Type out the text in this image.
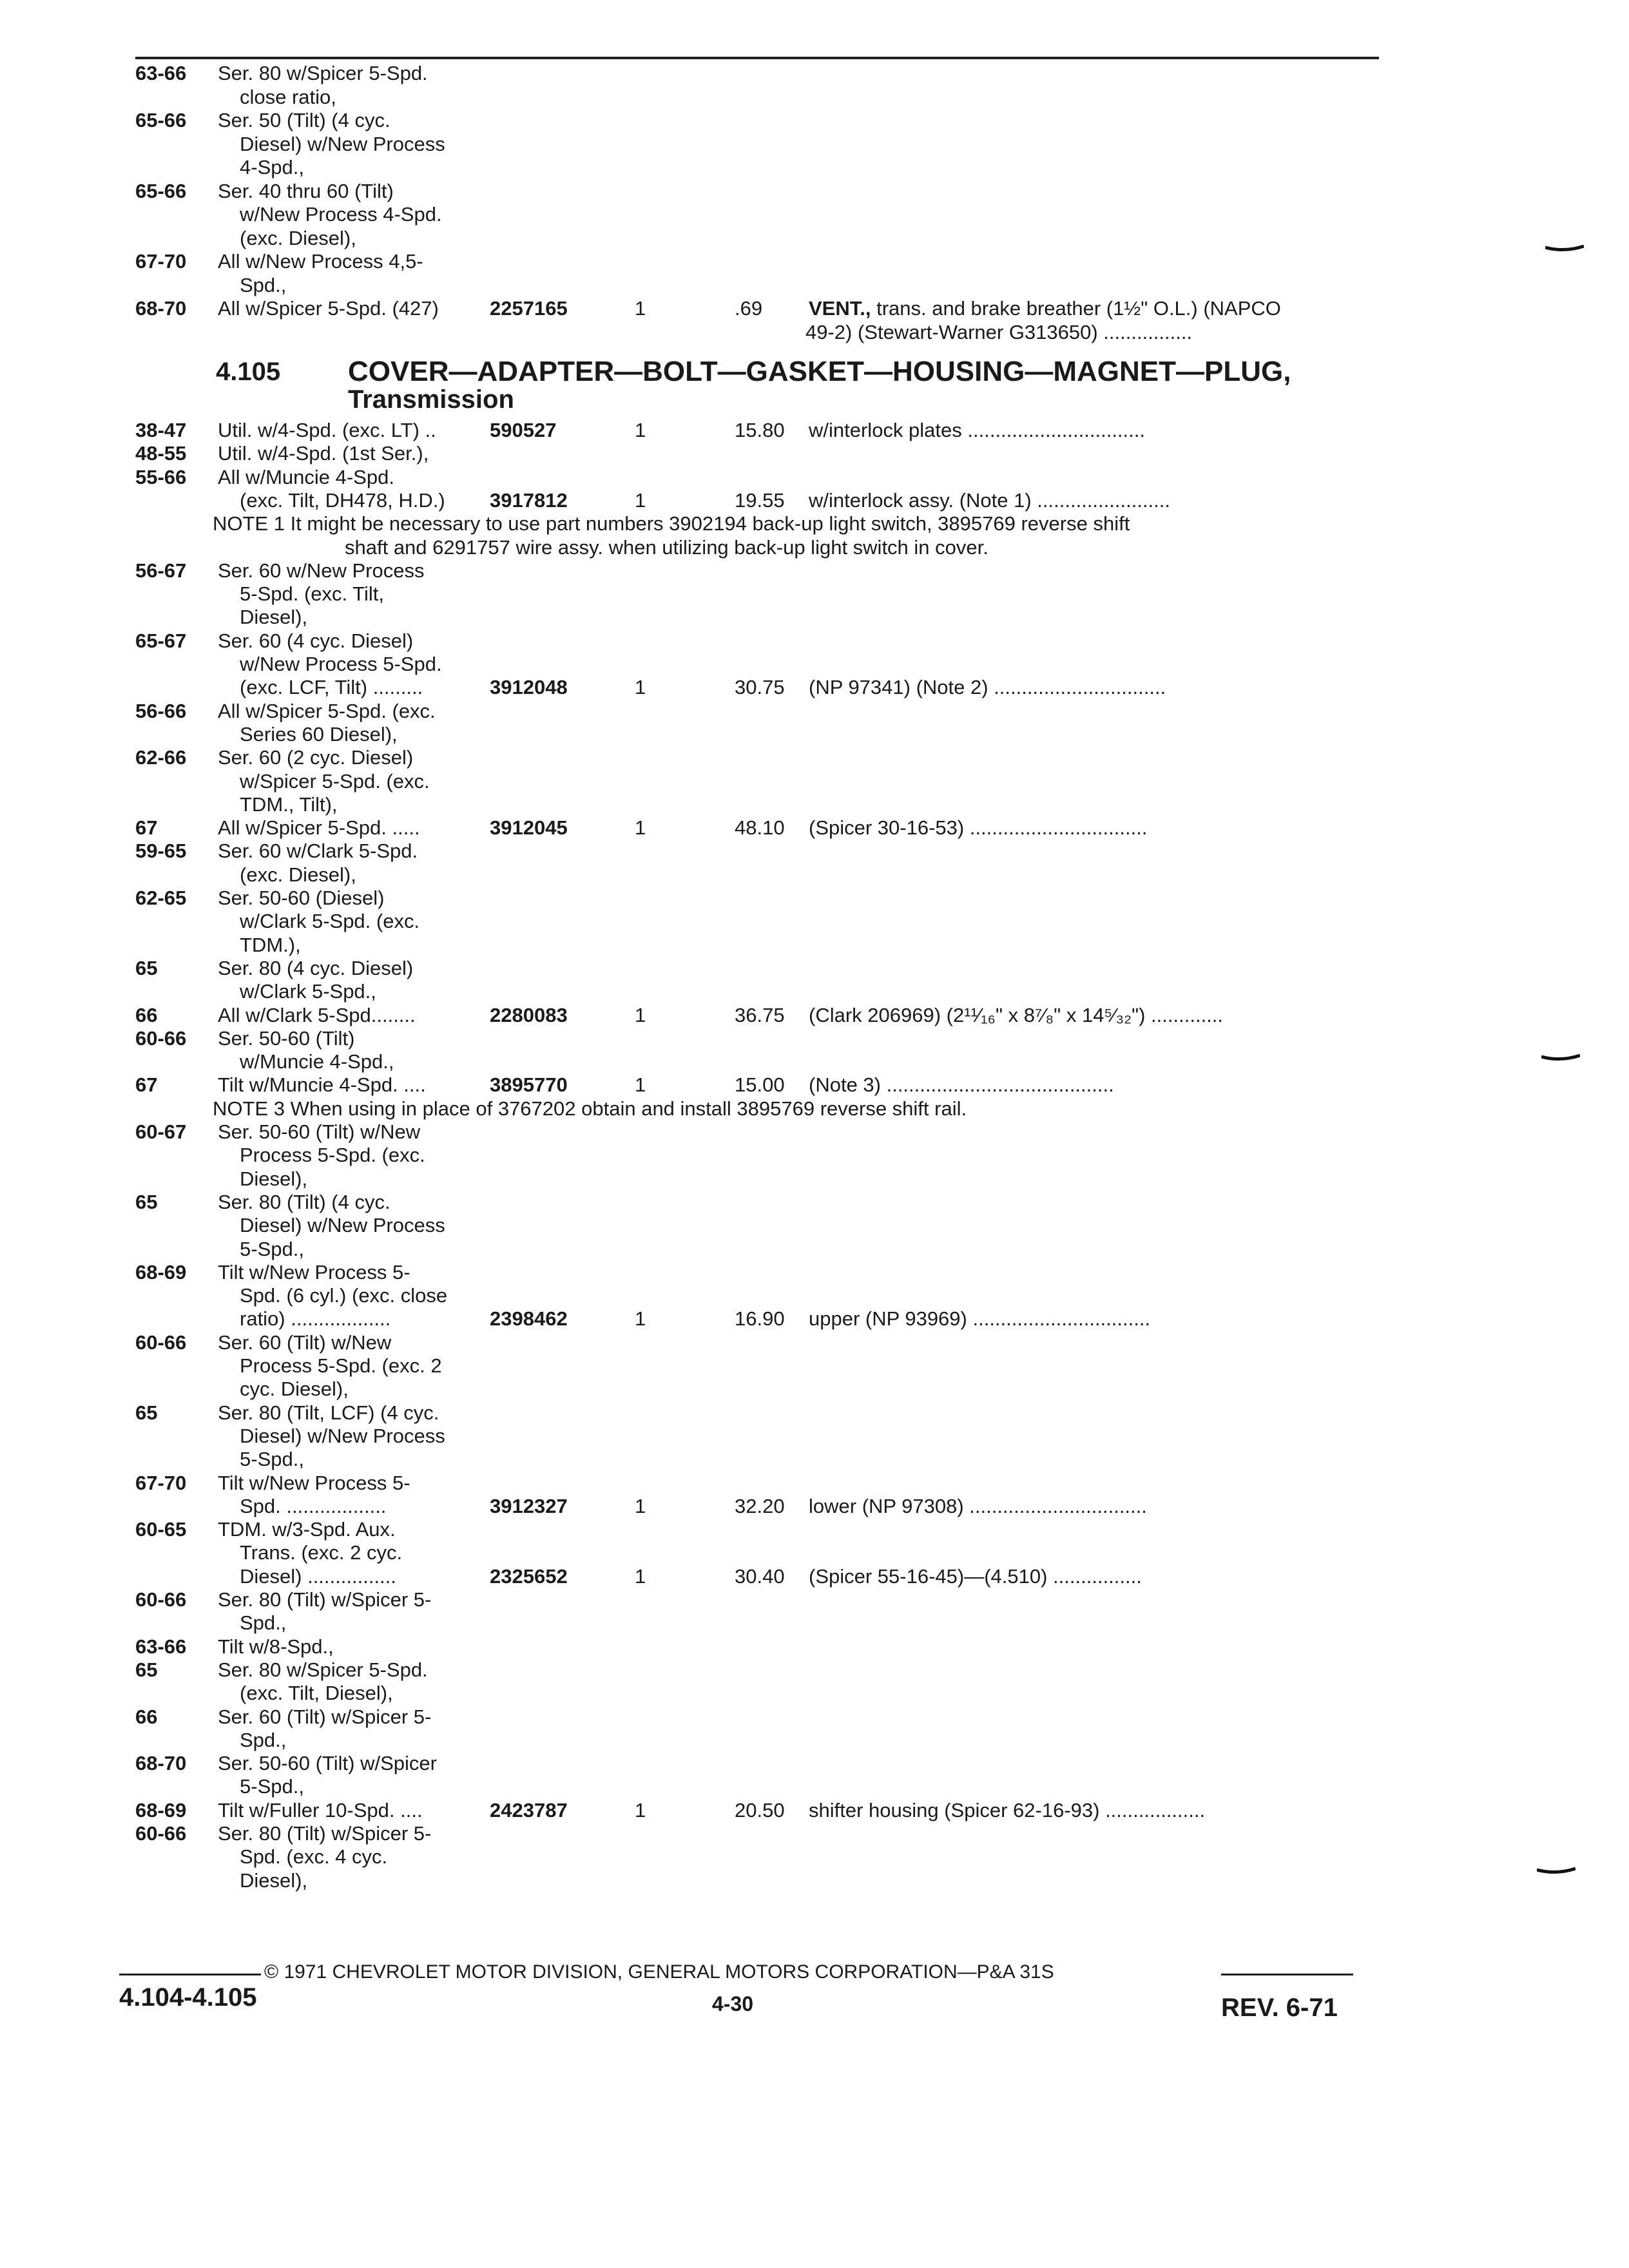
63-66 Ser. 80 w/Spicer 5-Spd.
close ratio,
65-66 Ser. 50 (Tilt) (4 cyc.
Diesel) w/New Process
4-Spd.,
65-66 Ser. 40 thru 60 (Tilt)
w/New Process 4-Spd.
(exc. Diesel),
67-70 All w/New Process 4,5-
Spd.,
68-70 All w/Spicer 5-Spd. (427)	2257165	1	.69 VENT., trans. and brake breather (1½" O.L.) (NAPCO
49-2) (Stewart-Warner G313650) ................
4.105 COVER—ADAPTER—BOLT—GASKET—HOUSING—MAGNET—PLUG,
Transmission
38-47 Util. w/4-Spd. (exc. LT) ..	590527	1	15.80 w/interlock plates ................................
48-55 Util. w/4-Spd. (1st Ser.),
55-66 All w/Muncie 4-Spd.
(exc. Tilt, DH478, H.D.) 3917812	1	19.55 w/interlock assy. (Note 1) ........................
NOTE 1 It might be necessary to use part numbers 3902194 back-up light switch, 3895769 reverse shift
shaft and 6291757 wire assy. when utilizing back-up light switch in cover.
56-67 Ser. 60 w/New Process
5-Spd. (exc. Tilt,
Diesel),
65-67 Ser. 60 (4 cyc. Diesel)
w/New Process 5-Spd.
(exc. LCF, Tilt) .........	3912048	1	30.75 (NP 97341) (Note 2) ...............................
56-66 All w/Spicer 5-Spd. (exc.
Series 60 Diesel),
62-66 Ser. 60 (2 cyc. Diesel)
w/Spicer 5-Spd. (exc.
TDM., Tilt),
67	All w/Spicer 5-Spd. .....	3912045	1	48.10 (Spicer 30-16-53) ................................
59-65 Ser. 60 w/Clark 5-Spd.
(exc. Diesel),
62-65 Ser. 50-60 (Diesel)
w/Clark 5-Spd. (exc.
TDM.),
65	Ser. 80 (4 cyc. Diesel)
w/Clark 5-Spd.,
66	All w/Clark 5-Spd........	2280083	1	36.75 (Clark 206969) (2¹¹⁄₁₆" x 8⁷⁄₈" x 14⁵⁄₃₂") .............
60-66 Ser. 50-60 (Tilt)
w/Muncie 4-Spd.,
67	Tilt w/Muncie 4-Spd. ....	3895770	1	15.00 (Note 3) .........................................
NOTE 3 When using in place of 3767202 obtain and install 3895769 reverse shift rail.
60-67 Ser. 50-60 (Tilt) w/New
Process 5-Spd. (exc.
Diesel),
65	Ser. 80 (Tilt) (4 cyc.
Diesel) w/New Process
5-Spd.,
68-69 Tilt w/New Process 5-
Spd. (6 cyl.) (exc. close
ratio) ..................	2398462	1	16.90 upper (NP 93969) ................................
60-66 Ser. 60 (Tilt) w/New
Process 5-Spd. (exc. 2
cyc. Diesel),
65	Ser. 80 (Tilt, LCF) (4 cyc.
Diesel) w/New Process
5-Spd.,
67-70 Tilt w/New Process 5-
Spd. ..................	3912327	1	32.20 lower (NP 97308) ................................
60-65 TDM. w/3-Spd. Aux.
Trans. (exc. 2 cyc.
Diesel) ................	2325652	1	30.40 (Spicer 55-16-45)—(4.510) ................
60-66 Ser. 80 (Tilt) w/Spicer 5-
Spd.,
63-66 Tilt w/8-Spd.,
65	Ser. 80 w/Spicer 5-Spd.
(exc. Tilt, Diesel),
66	Ser. 60 (Tilt) w/Spicer 5-
Spd.,
68-70 Ser. 50-60 (Tilt) w/Spicer
5-Spd.,
68-69 Tilt w/Fuller 10-Spd. ....	2423787	1	20.50 shifter housing (Spicer 62-16-93) ..................
60-66 Ser. 80 (Tilt) w/Spicer 5-
Spd. (exc. 4 cyc.
Diesel),
© 1971 CHEVROLET MOTOR DIVISION, GENERAL MOTORS CORPORATION—P&A 31S
4.104-4.105	4-30	REV. 6-71
